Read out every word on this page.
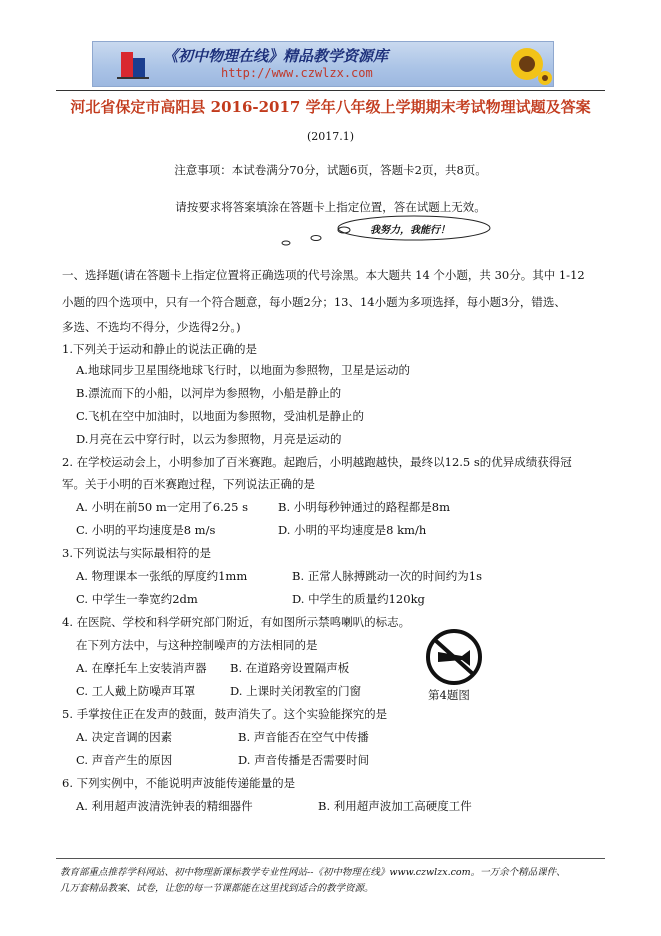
《初中物理在线》精品教学资源库
http://www.czwlzx.com
河北省保定市高阳县 2016-2017 学年八年级上学期期末考试物理试题及答案
(2017.1)
注意事项：本试卷满分70分，试题6页，答题卡2页，共8页。
请按要求将答案填涂在答题卡上指定位置，答在试题上无效。
我努力，我能行！
一、选择题(请在答题卡上指定位置将正确选项的代号涂黑。本大题共 14 个小题，共 30分。其中 1-12
小题的四个选项中，只有一个符合题意，每小题2分；13、14小题为多项选择，每小题3分，错选、
多选、不选均不得分，少选得2分。)
1.下列关于运动和静止的说法正确的是
A.地球同步卫星围绕地球飞行时，以地面为参照物，卫星是运动的
B.漂流而下的小船，以河岸为参照物，小船是静止的
C.飞机在空中加油时，以地面为参照物，受油机是静止的
D.月亮在云中穿行时，以云为参照物，月亮是运动的
2. 在学校运动会上，小明参加了百米赛跑。起跑后，小明越跑越快，最终以12.5 s的优异成绩获得冠
军。关于小明的百米赛跑过程，下列说法正确的是
A. 小明在前50 m一定用了6.25 s	B. 小明每秒钟通过的路程都是8m
C. 小明的平均速度是8 m/s	D. 小明的平均速度是8 km/h
3.下列说法与实际最相符的是
A. 物理课本一张纸的厚度约1mm	B. 正常人脉搏跳动一次的时间约为1s
C. 中学生一拳宽约2dm	D. 中学生的质量约120kg
4. 在医院、学校和科学研究部门附近，有如图所示禁鸣喇叭的标志。
在下列方法中，与这种控制噪声的方法相同的是
A. 在摩托车上安装消声器 B. 在道路旁设置隔声板
C. 工人戴上防噪声耳罩	D. 上课时关闭教室的门窗	第4题图
5. 手掌按住正在发声的鼓面，鼓声消失了。这个实验能探究的是
A. 决定音调的因素	B. 声音能否在空气中传播
C. 声音产生的原因	D. 声音传播是否需要时间
6. 下列实例中，不能说明声波能传递能量的是
A. 利用超声波清洗钟表的精细器件	B. 利用超声波加工高硬度工件
教育部重点推荐学科网站、初中物理新课标教学专业性网站--《初中物理在线》www.czwlzx.com。一万余个精品课件、
几万套精品教案、试卷，让您的每一节课都能在这里找到适合的教学资源。
